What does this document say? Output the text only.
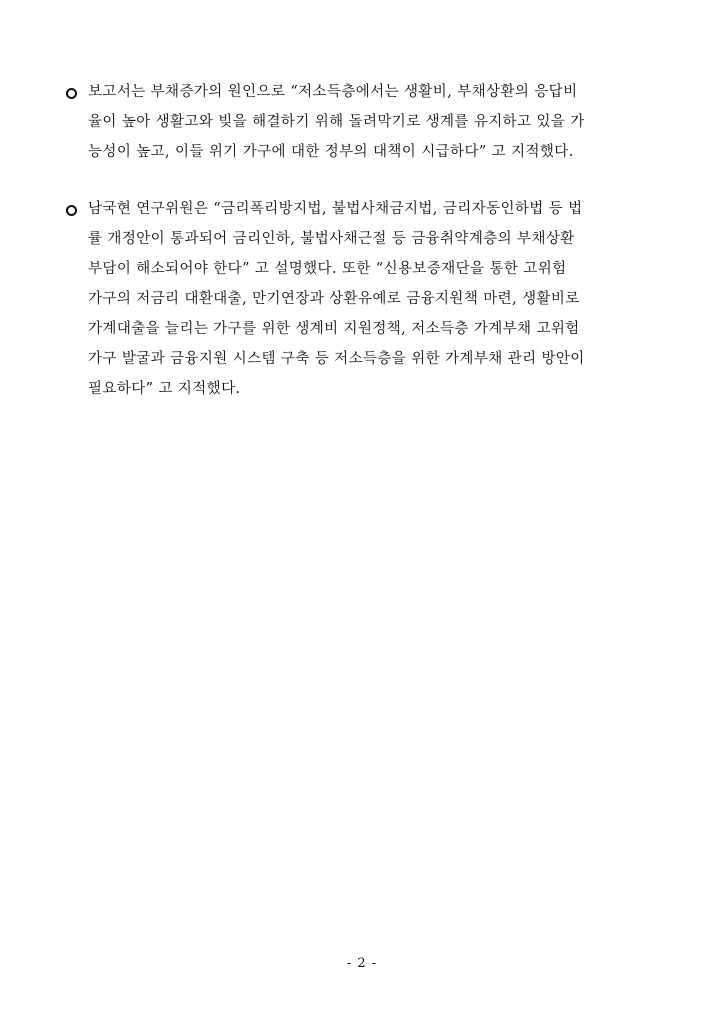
보고서는 부채증가의 원인으로 “저소득층에서는 생활비, 부채상환의 응답비
율이 높아 생활고와 빚을 해결하기 위해 돌려막기로 생계를 유지하고 있을 가
능성이 높고, 이들 위기 가구에 대한 정부의 대책이 시급하다” 고 지적했다.
남국현 연구위원은 “금리폭리방지법, 불법사채금지법, 금리자동인하법 등 법
률 개정안이 통과되어 금리인하, 불법사채근절 등 금융취약계층의 부채상환
부담이 해소되어야 한다” 고 설명했다. 또한 “신용보증재단을 통한 고위험
가구의 저금리 대환대출, 만기연장과 상환유예로 금융지원책 마련, 생활비로
가계대출을 늘리는 가구를 위한 생계비 지원정책, 저소득층 가계부채 고위험
가구 발굴과 금융지원 시스템 구축 등 저소득층을 위한 가계부채 관리 방안이
필요하다” 고 지적했다.
- 2 -
